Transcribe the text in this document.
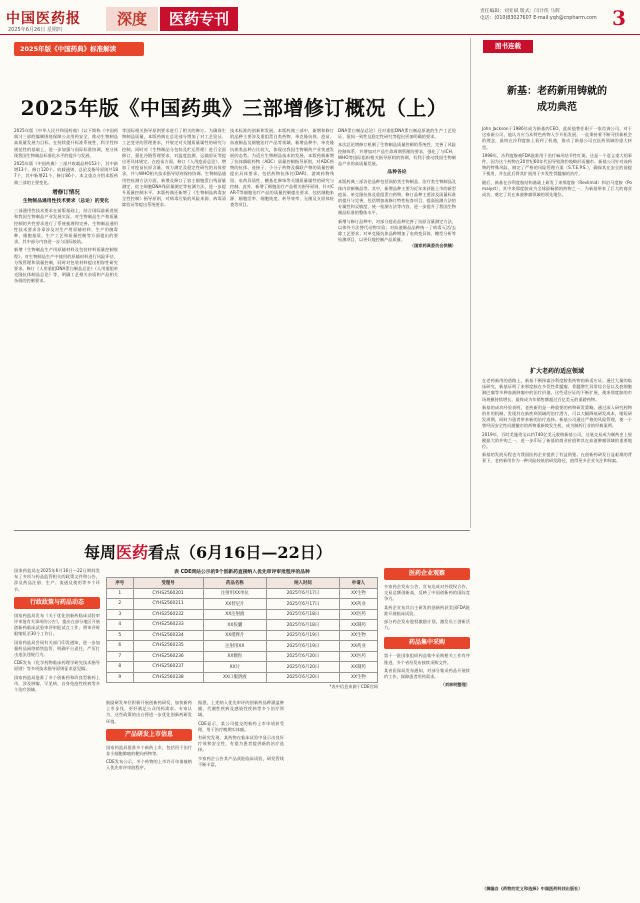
中国医药报
2025年6月26日 星期四
深度	医药专刊	责任编辑：刘亚斌 版式：闫计侠 马辉
电话：(010)83027607 E-mail:yqh@cnpharm.com 3
2025年版《中国药典》标准解读
2025年版《中国药典》三部增修订概况（上）

2025年版《中华人民共和国药典》(以下简称《中国药典》)三部的编制围绕保障公众用药安全、推动生物制品高质量发展为目标，在持续提升标准系统性、科学性和规范性的基础上，进一步加强与国际标准协调，充分体现我国生物制品标准化水平的提升与发展。

2025年版《中国药典》三部共收载品种153个，其中新增13个、修订120个。收载通则、总论及指导原则共187个，其中新增21个、修订86个。本文重点介绍本版药典三部的主要变化。

增修订情况
生物制品通用性技术要求（总论）的变化

三部通用性技术要求在前版基础上，结合国际最新进展和我国生物制品产业发展实际，对生物制品生产和质量控制的共性要求进行了系统梳理和完善。生物制品通用性技术要求各章涉及对生产用原辅材料、生产用菌毒种、细胞基质、生产工艺和质量控制等方面提出的要求，其中部分内容进一步与国际接轨。

新增《生物制品生产用原辅材料及包装材料质量控制规程》，对生物制品生产中使用的原辅材料进行风险评估、分级管理和质量控制，同时对包装材料提出相容性研究要求。修订《人用重组DNA蛋白制品总论》《人用重组单克隆抗体制品总论》等，明确工艺相关杂质和产品相关杂质的控制要求。

等国际相关指导原则要求进行了相关的修订。为确保生物制品质量，本版药典在总论部分增加了对工艺验证、工艺变更的管理要求，并规定对关键质量属性的研究与控制。同时对《生物制品分包装及贮运管理》进行全面修订，强化冷链管理要求，对温度监测、运输验证等提出更具体规定。在疫苗方面，修订《人用疫苗总论》，增加了对疫苗抗原含量、效力测定及稳定性研究的具体要求，并与WHO相关技术指导原则保持协调。生物制品通用性检测方法方面，新增及修订了宿主细胞蛋白残留量测定、宿主细胞DNA残留量测定等检测方法，进一步提升质量控制水平。本版药典还新增了《生物制品病毒安全性控制》指导原则，对病毒污染的风险来源、病毒清除验证等提出系统要求。

技术标准的创新和发展。本版药典三部中，新增和修订的品种主要涉及重组蛋白类药物、单克隆抗体、疫苗、血液制品及细胞治疗产品等领域。新增品种中，单克隆抗体类品种占比较大，体现出我国生物制药产业快速发展的态势。为适应生物制品技术的发展，本版药典新增了抗体偶联药物（ADC）质量控制指导原则，对ADC药物的抗体、连接子、小分子药物及偶联产物的质量控制提出具体要求，包括药物抗体比(DAR)、游离药物残留、电荷异质性、糖基化修饰等关键质量属性的研究与控制。此外，新增了细胞治疗产品相关指导原则，针对CAR-T等细胞治疗产品的质量控制提出要求，包括细胞来源、细胞活率、细胞纯度、转导效率、无菌及支原体检查等项目。

DNA蛋白制品总论》还对重组DNA蛋白制品原液的生产工艺验证、批间一致性及稳定性研究等提出更加明确的要求。

本次总论增修订机制了生物制品质量控制的系统性，完善了风险控制体系，并增加对产品生命周期管理的要求，强化了与ICH、WHO等国际组织相关指导原则的协调，有利于推动我国生物制品产业的高质量发展。

品种各论

本版药典三部各论品种包括预防类生物制品、治疗类生物制品及体内诊断制品等。其中，新增品种主要为近年来获批上市的新型疫苗、单克隆抗体及重组蛋白药物，修订品种主要涉及质量标准的提升与完善，包括增加或修订特性检查项目、提高检测方法的专属性和灵敏度、统一检测方法等内容，进一步提升了我国生物制品标准的整体水平。

新增与修订品种中，对部分疫苗品种完善了抗原含量测定方法，以体外方法替代动物实验；对血液制品品种统一了病毒灭活/去除工艺要求；对单克隆抗体品种增加了电荷变异体、糖型分析等检测项目，以更好地控制产品质量。

（国家药典委员会供稿）

图书连载
新基：老药新用铸就的
成功典范

John Jackson于1986年成为新基的CEO，此前他曾任职于一家咨询公司。对于这家新公司，他认为应当从特色药物入手开拓发展，一直秉持着不断寻找新机会的理念，最终在沙利度胺上看到了机遇，推动了新基公司在医药领域的重大转型。

1998年，沙利度胺被FDA批准用于治疗麻风结节性红斑。这是一个意义重大的事件，因为这个药物在20世纪60年代因导致海豹肢畸形而撤市。新基公司针对该药物的特殊风险，制定了严格的风险管理方案（S.T.E.P.S.），确保其在安全的前提下使用，并在此后将其扩展用于多发性骨髓瘤的治疗。

随后，新基在沙利度胺结构基础上研发了来那度胺（Revlimid）和泊马度胺（Pomalyst），其中来那度胺成为全球最畅销的药物之一，为新基带来了巨大的商业成功，奠定了其在血液肿瘤领域的领先地位。

扩大老药的适应领域

在老药新用的道路上，新基不断探索沙利度胺类药物的新适应证。通过大量的临床研究，新基证明了来那度胺在多发性骨髓瘤、骨髓增生异常综合征以及套细胞淋巴瘤等多种血液肿瘤中的治疗价值。这些适应证的不断扩展，使来那度胺的市场规模持续增长，最终成为年销售额超过百亿美元的重磅药物。

新基的成功经验表明，老药新用是一种重要的药物研发策略。通过深入研究药物的作用机制，发现其在新疾病领域的治疗潜力，可以大幅降低研发成本，缩短研发周期，同时为患者带来新的治疗选择。新基公司通过严格的风险管理，使一个曾经因安全性问题撤市的药物重新焕发生机，成为制药行业的经典案例。

2019年，百时美施贵宝以约740亿美元收购新基公司，这笔交易成为制药史上规模最大的并购之一，进一步印证了新基的商业价值和其在血液肿瘤领域的重要地位。

新基的发展历程也为我国医药企业提供了有益借鉴。在创新药研发日益艰难的背景下，老药新用作为一种风险较低的研发路径，值得更多企业关注和探索。

（摘编自《药物的定义和选择》中国医药科技出版社）
每周医药看点（6月16日—22日）

国家药监局在2025年6月16日—22日期间发布了多项与药品监管相关的政策文件和公告，涉及药品注册、生产、流通及使用等多个环节。

行政政策与药品动态

国家药监局发布《关于优化创新药临床试验审评审批有关事项的公告》，提出在部分地区开展创新药临床试验审评审批试点工作，将审评时限缩短至30个工作日。

国家药监局会同有关部门印发通知，进一步加强药品网络销售监管，明确平台责任，严厉打击违法违规行为。

CDE发布《化学药物临床药理学研究技术指导原则》等多项技术指导原则征求意见稿。

国家药监局批准了多个创新药和改良型新药上市，涉及肿瘤、罕见病、自身免疫性疾病等多个治疗领域。

表 CDE网站公示的9个创新药直接纳入优先审评审批程序的品种
序号	受理号	药品名称	纳入时间	申请人
1	CYHS2560201	注射用XX单抗	2025年6月17日	XX生物
2	CYHS2560211	XX替尼片	2025年6月17日	XX药业
3	CYHS2560232	XX注射液	2025年6月18日	XX医药
4	CYHS2560233	XX胶囊	2025年6月18日	XX制药
5	CYHS2560234	XX缓释片	2025年6月19日	XX生物
6	CYHS2560235	注射用XX	2025年6月19日	XX药业
7	CYHS2560236	XX颗粒	2025年6月20日	XX医药
8	CYHS2560237	XX片	2025年6月20日	XX制药
9	CYHS2560238	XX口服溶液	2025年6月20日	XX生物
*表中信息来源于CDE官网

鼓励研发单位积极开展创新药研发，加快新药上市步伐，更好满足公众用药需求。专家认为，这些政策的出台将进一步优化创新药研发环境。

产品研发上市信息

国家药监局批准多个新药上市，包括用于治疗非小细胞肺癌的靶向药物等。

CDE发布公示，多个药物的上市许可申请被纳入优先审评审批程序。

据悉，上述纳入优先审评的创新药品种涵盖肿瘤、代谢性疾病及感染性疾病等多个治疗领域。

CDE显示，某公司提交的新药上市申请获受理，用于治疗晚期实体瘤。

有研究发现，某药物在临床试验中显示出良好疗效和安全性，有望为患者提供新的治疗选择。

多家药企公告其产品获批临床试验，研发管线不断丰富。

医药企业观察

多家药企发布公告，宣布达成对外授权合作，交易总额创新高，反映了中国创新药的国际竞争力。

某药企宣布其自主研发的创新药获美国FDA批准开展临床试验。

部分药企发布股权激励计划，激发员工创新活力。

药品集中采购

第十一批国家组织药品集中采购相关工作有序推进，多个省份发布接续采购文件。

某省医保局发布通知，对部分集采药品开展续约工作，保障患者用药需求。

（刘林明整理）
